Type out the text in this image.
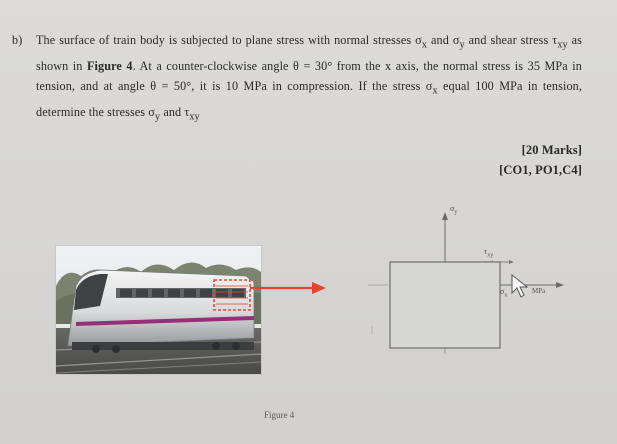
b) The surface of train body is subjected to plane stress with normal stresses $\sigma_x$ and $\sigma_y$ and shear stress $\tau_{xy}$ as shown in Figure 4. At a counter-clockwise angle θ = 30° from the x axis, the normal stress is 35 MPa in tension, and at angle θ = 50°, it is 10 MPa in compression. If the stress $\sigma_x$ equal 100 MPa in tension, determine the stresses $\sigma_y$ and $\tau_{xy}$
[20 Marks]
[CO1, PO1,C4]
$\sigma_y$
$\tau_{xy}$
$\sigma_x$
MPa
Figure 4
